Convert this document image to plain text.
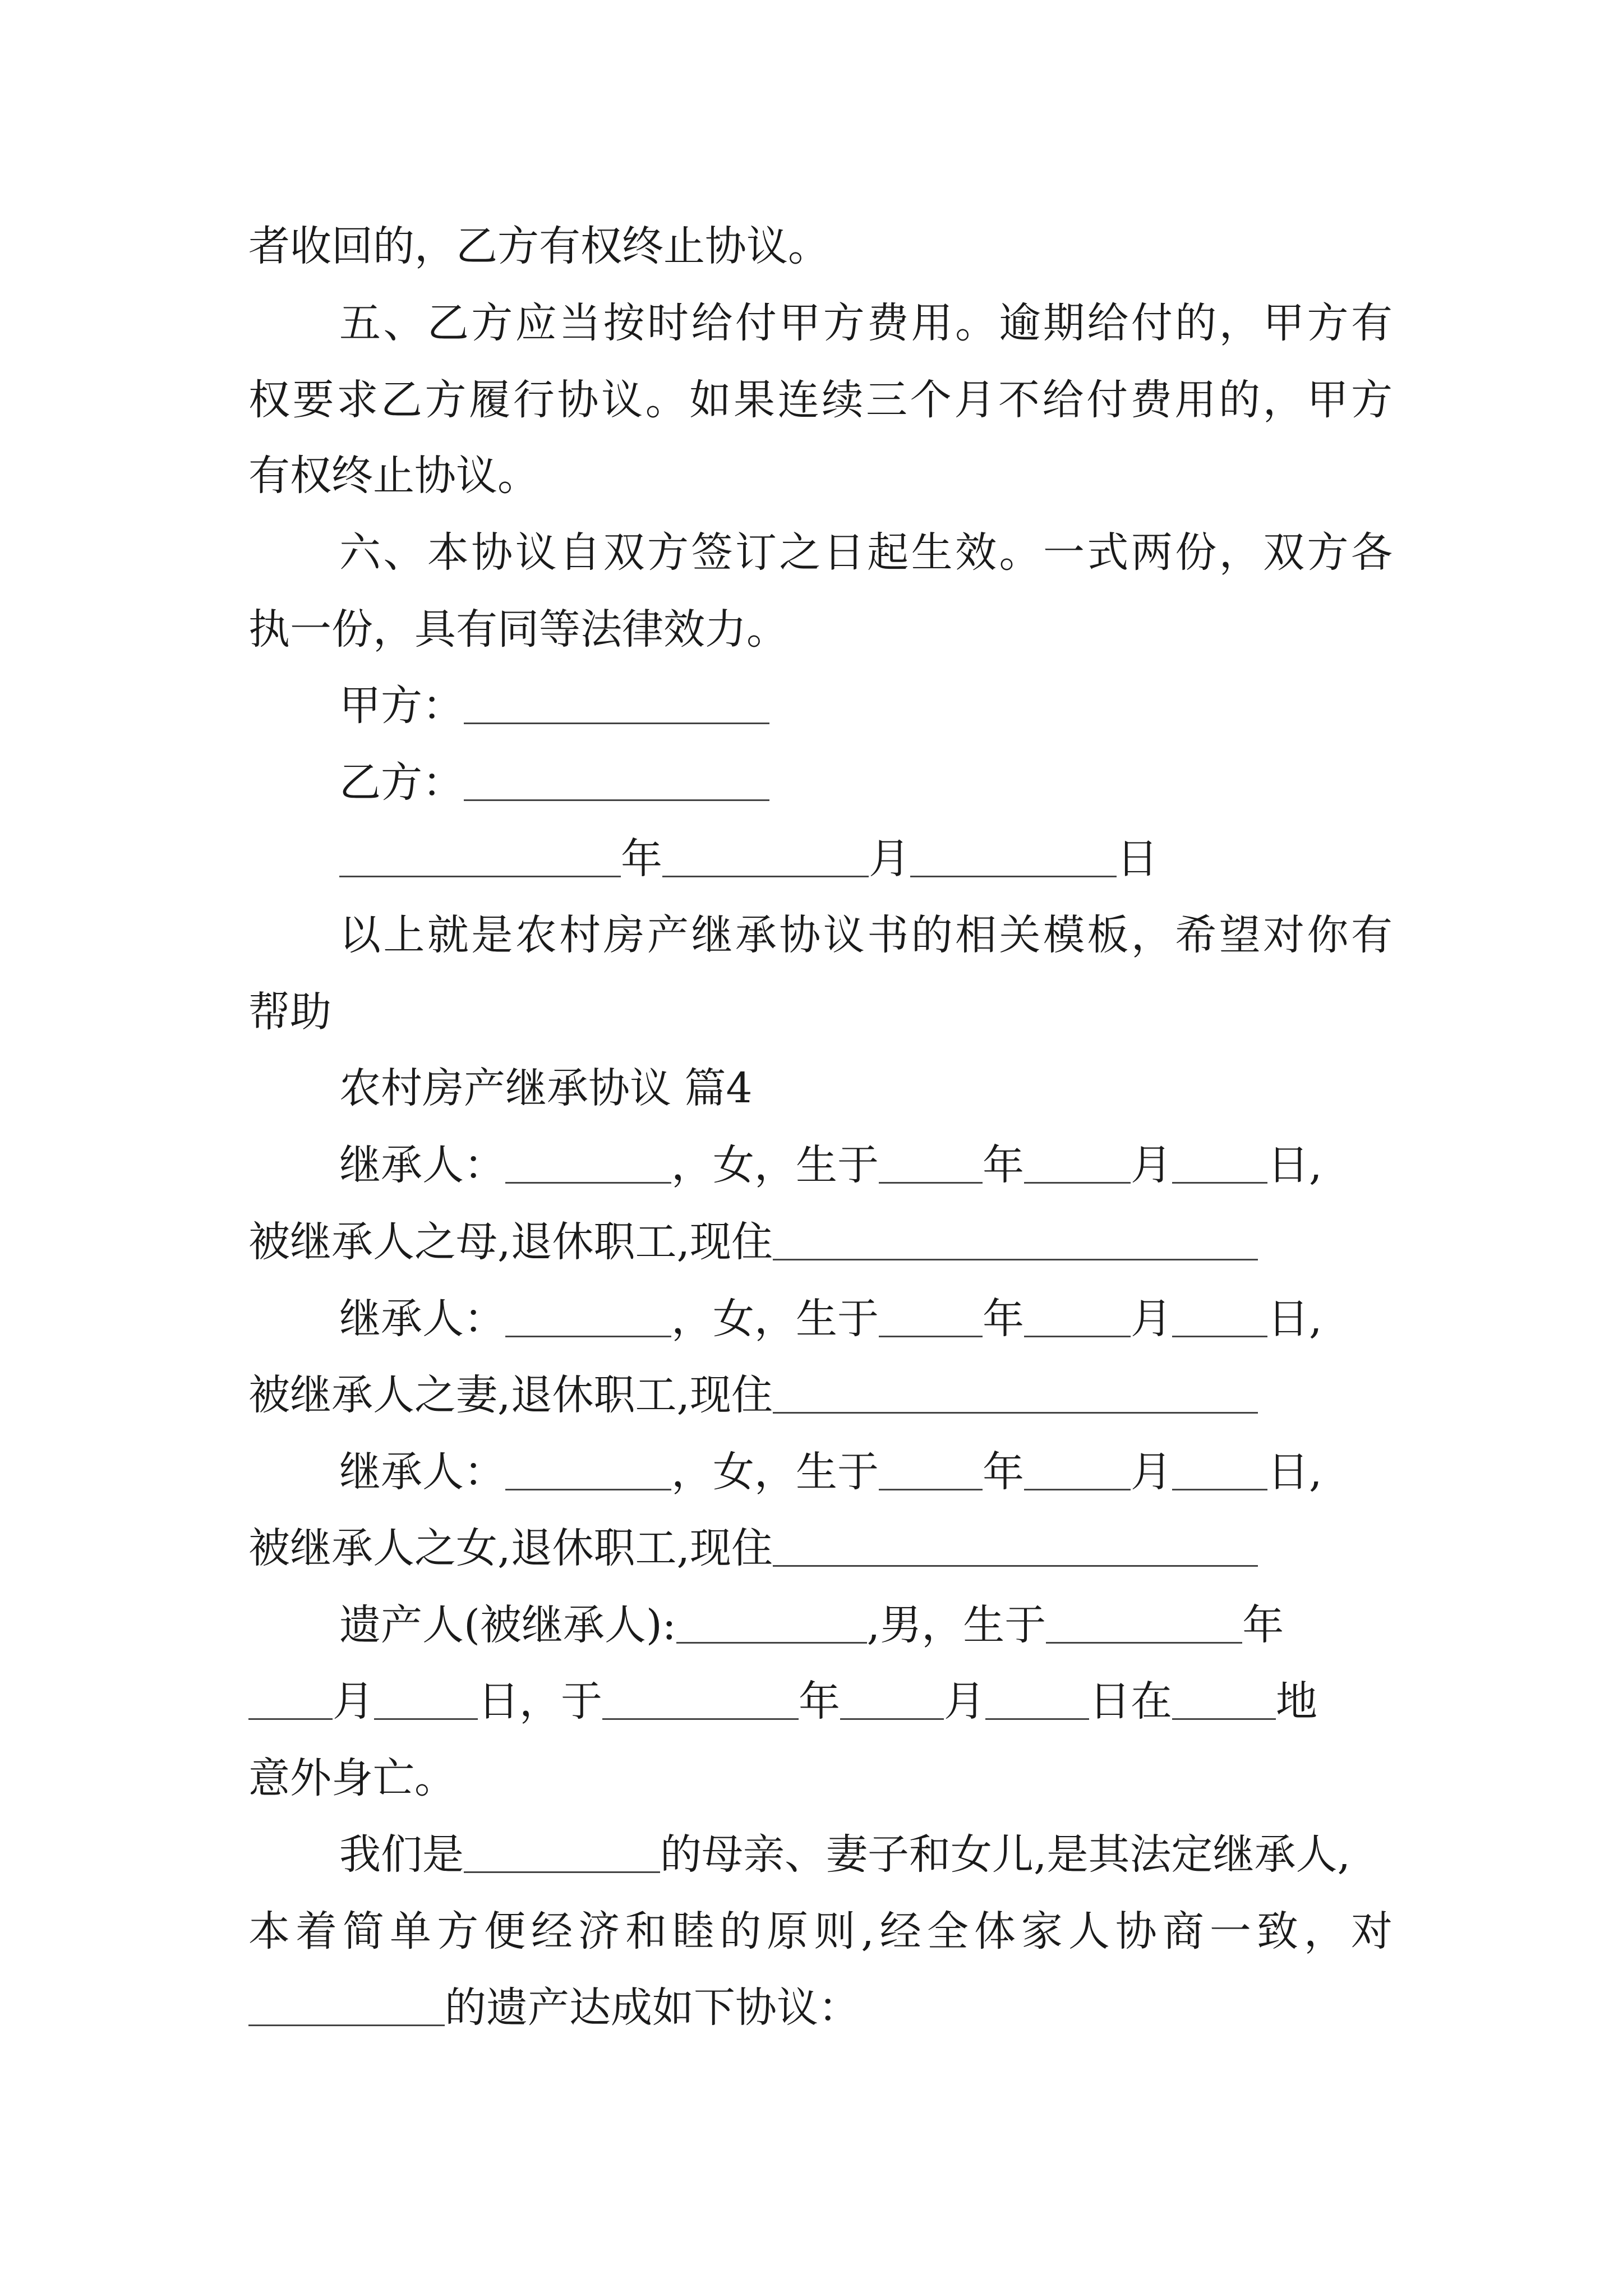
者收回的，乙方有权终止协议。
五、乙方应当按时给付甲方费用。逾期给付的，甲方有
权要求乙方履行协议。如果连续三个月不给付费用的，甲方
有权终止协议。
六、本协议自双方签订之日起生效。一式两份，双方各
执一份，具有同等法律效力。
甲方：
乙方：
年	月	日
以上就是农村房产继承协议书的相关模板，希望对你有
帮助
农村房产继承协议 篇4
继承人：	，女，生于	年	月 日,
被继承人之母,退休职工,现住
继承人：	，女，生于	年	月 日,
被继承人之妻,退休职工,现住
继承人：	，女，生于	年	月 日,
被继承人之女,退休职工,现住
遗产人(被继承人):	,男，生于	年
月	日，于	年	月	日在	地
意外身亡。
我们是	的母亲、妻子和女儿,是其法定继承人,
本着简单方便经济和睦的原则,经全体家人协商一致，对
的遗产达成如下协议：
